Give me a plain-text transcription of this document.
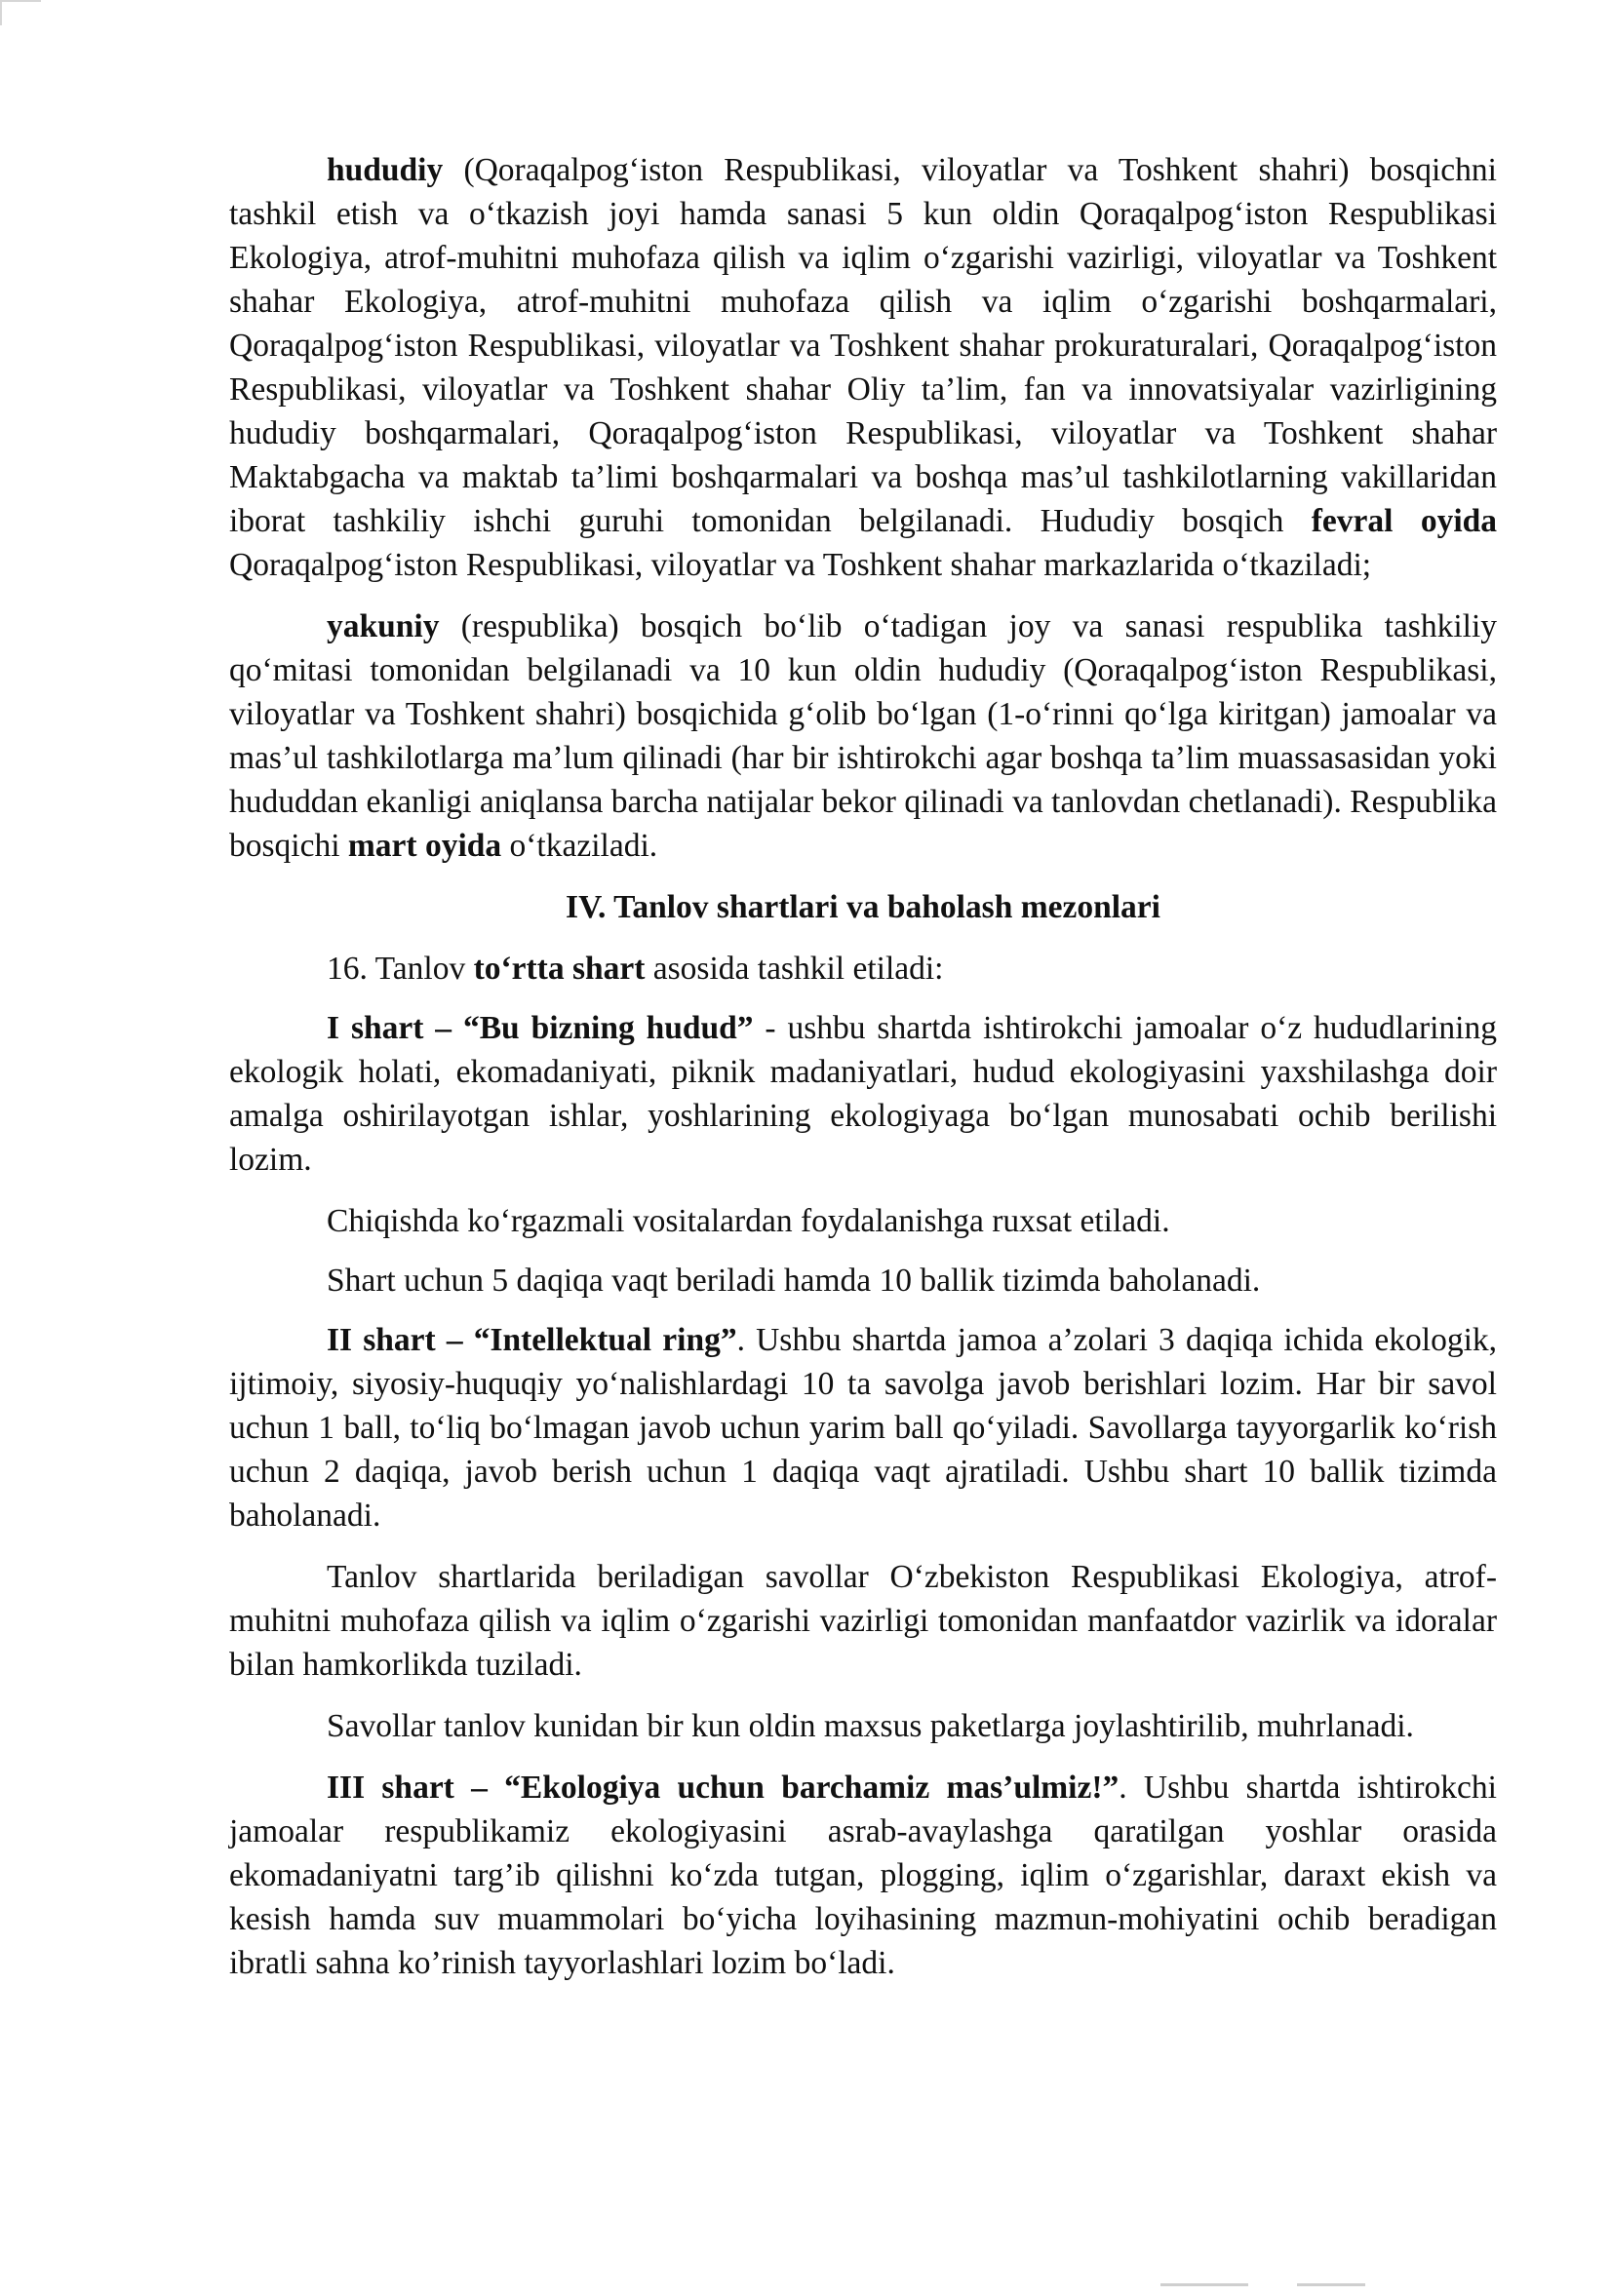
hududiy (Qoraqalpog‘iston Respublikasi, viloyatlar va Toshkent shahri) bosqichni tashkil etish va o‘tkazish joyi hamda sanasi 5 kun oldin Qoraqalpog‘iston Respublikasi Ekologiya, atrof-muhitni muhofaza qilish va iqlim o‘zgarishi vazirligi, viloyatlar va Toshkent shahar Ekologiya, atrof-muhitni muhofaza qilish va iqlim o‘zgarishi boshqarmalari, Qoraqalpog‘iston Respublikasi, viloyatlar va Toshkent shahar prokuraturalari, Qoraqalpog‘iston Respublikasi, viloyatlar va Toshkent shahar Oliy ta’lim, fan va innovatsiyalar vazirligining hududiy boshqarmalari, Qoraqalpog‘iston Respublikasi, viloyatlar va Toshkent shahar Maktabgacha va maktab ta’limi boshqarmalari va boshqa mas’ul tashkilotlarning vakillaridan iborat tashkiliy ishchi guruhi tomonidan belgilanadi. Hududiy bosqich fevral oyida Qoraqalpog‘iston Respublikasi, viloyatlar va Toshkent shahar markazlarida o‘tkaziladi;

yakuniy (respublika) bosqich bo‘lib o‘tadigan joy va sanasi respublika tashkiliy qo‘mitasi tomonidan belgilanadi va 10 kun oldin hududiy (Qoraqalpog‘iston Respublikasi, viloyatlar va Toshkent shahri) bosqichida g‘olib bo‘lgan (1-o‘rinni qo‘lga kiritgan) jamoalar va mas’ul tashkilotlarga ma’lum qilinadi (har bir ishtirokchi agar boshqa ta’lim muassasasidan yoki hududdan ekanligi aniqlansa barcha natijalar bekor qilinadi va tanlovdan chetlanadi). Respublika bosqichi mart oyida o‘tkaziladi.

IV. Tanlov shartlari va baholash mezonlari

16. Tanlov to‘rtta shart asosida tashkil etiladi:

I shart – “Bu bizning hudud” - ushbu shartda ishtirokchi jamoalar o‘z hududlarining ekologik holati, ekomadaniyati, piknik madaniyatlari, hudud ekologiyasini yaxshilashga doir amalga oshirilayotgan ishlar, yoshlarining ekologiyaga bo‘lgan munosabati ochib berilishi lozim.

Chiqishda ko‘rgazmali vositalardan foydalanishga ruxsat etiladi.

Shart uchun 5 daqiqa vaqt beriladi hamda 10 ballik tizimda baholanadi.

II shart – “Intellektual ring”. Ushbu shartda jamoa a’zolari 3 daqiqa ichida ekologik, ijtimoiy, siyosiy-huquqiy yo‘nalishlardagi 10 ta savolga javob berishlari lozim. Har bir savol uchun 1 ball, to‘liq bo‘lmagan javob uchun yarim ball qo‘yiladi. Savollarga tayyorgarlik ko‘rish uchun 2 daqiqa, javob berish uchun 1 daqiqa vaqt ajratiladi. Ushbu shart 10 ballik tizimda baholanadi.

Tanlov shartlarida beriladigan savollar O‘zbekiston Respublikasi Ekologiya, atrof-muhitni muhofaza qilish va iqlim o‘zgarishi vazirligi tomonidan manfaatdor vazirlik va idoralar bilan hamkorlikda tuziladi.

Savollar tanlov kunidan bir kun oldin maxsus paketlarga joylashtirilib, muhrlanadi.

III shart – “Ekologiya uchun barchamiz mas’ulmiz!”. Ushbu shartda ishtirokchi jamoalar respublikamiz ekologiyasini asrab-avaylashga qaratilgan yoshlar orasida ekomadaniyatni targ’ib qilishni ko‘zda tutgan, plogging, iqlim o‘zgarishlar, daraxt ekish va kesish hamda suv muammolari bo‘yicha loyihasining mazmun-mohiyatini ochib beradigan ibratli sahna ko’rinish tayyorlashlari lozim bo‘ladi.
